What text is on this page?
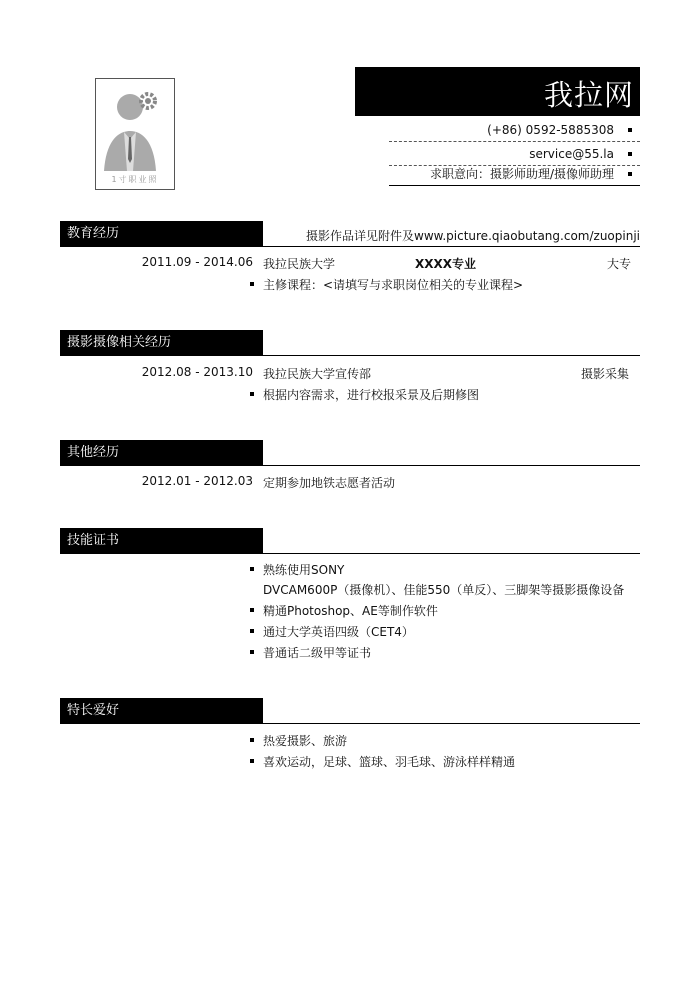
1寸职业照
我拉网
(+86) 0592-5885308
service@55.la
求职意向：摄影师助理/摄像师助理
教育经历	摄影作品详见附件及www.picture.qiaobutang.com/zuopinji
2011.09 - 2014.06 我拉民族大学	XXXX专业	大专
主修课程：<请填写与求职岗位相关的专业课程>
摄影摄像相关经历
2012.08 - 2013.10 我拉民族大学宣传部	摄影采集
根据内容需求，进行校报采景及后期修图
其他经历
2012.01 - 2012.03 定期参加地铁志愿者活动
技能证书
熟练使用SONY
DVCAM600P（摄像机）、佳能550（单反）、三脚架等摄影摄像设备
精通Photoshop、AE等制作软件
通过大学英语四级（CET4）
普通话二级甲等证书
特长爱好
热爱摄影、旅游
喜欢运动，足球、篮球、羽毛球、游泳样样精通
